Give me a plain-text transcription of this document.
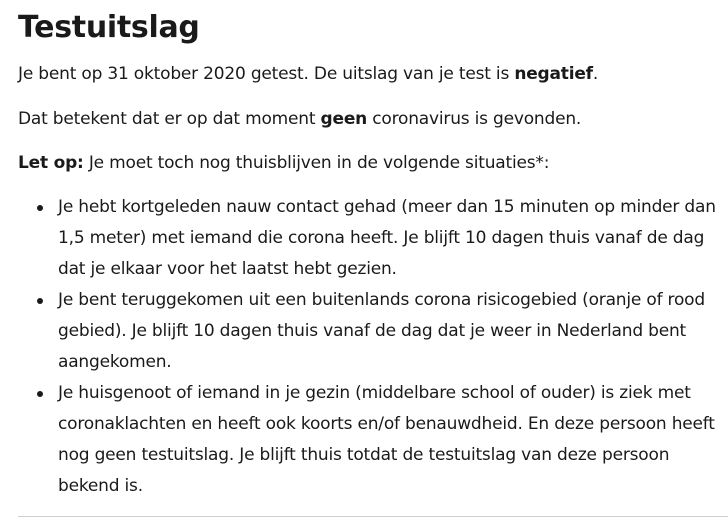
Testuitslag

Je bent op 31 oktober 2020 getest. De uitslag van je test is negatief.

Dat betekent dat er op dat moment geen coronavirus is gevonden.

Let op: Je moet toch nog thuisblijven in de volgende situaties*:

Je hebt kortgeleden nauw contact gehad (meer dan 15 minuten op minder dan 1,5 meter) met iemand die corona heeft. Je blijft 10 dagen thuis vanaf de dag dat je elkaar voor het laatst hebt gezien.
Je bent teruggekomen uit een buitenlands corona risicogebied (oranje of rood gebied). Je blijft 10 dagen thuis vanaf de dag dat je weer in Nederland bent aangekomen.
Je huisgenoot of iemand in je gezin (middelbare school of ouder) is ziek met coronaklachten en heeft ook koorts en/of benauwdheid. En deze persoon heeft nog geen testuitslag. Je blijft thuis totdat de testuitslag van deze persoon bekend is.
